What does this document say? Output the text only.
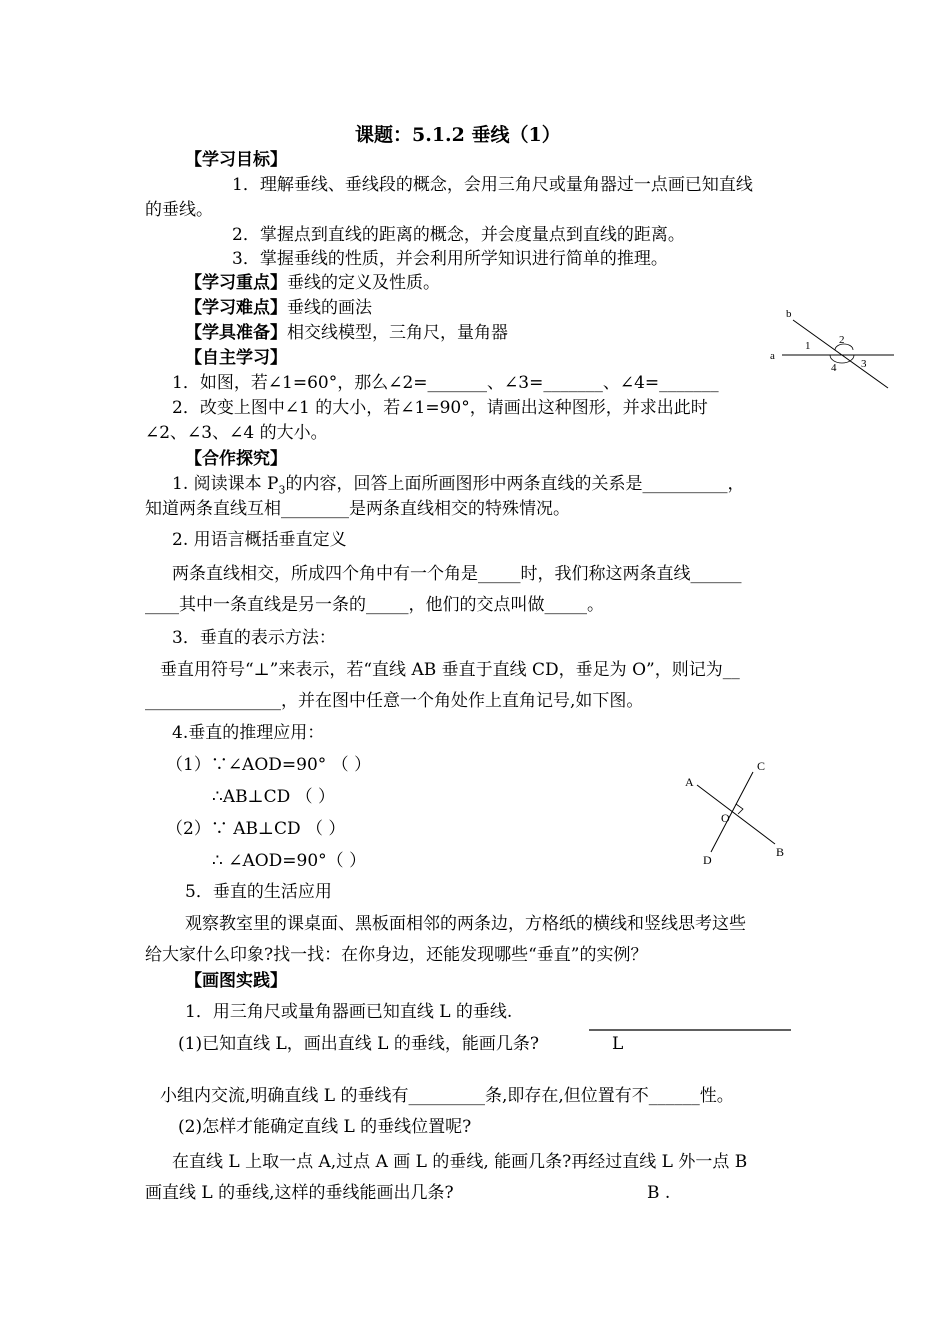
课题：5.1.2 垂线（1）
【学习目标】
1．理解垂线、垂线段的概念，会用三角尺或量角器过一点画已知直线
的垂线。
2．掌握点到直线的距离的概念，并会度量点到直线的距离。
3．掌握垂线的性质，并会利用所学知识进行简单的推理。
【学习重点】垂线的定义及性质。
【学习难点】垂线的画法
【学具准备】相交线模型，三角尺，量角器
【自主学习】
1．如图，若∠1=60°，那么∠2=_______、∠3=_______、∠4=_______
2．改变上图中∠1 的大小，若∠1=90°，请画出这种图形，并求出此时
∠2、∠3、∠4 的大小。
a
b
1	2
3
4
【合作探究】
1. 阅读课本 $P_3$的内容，回答上面所画图形中两条直线的关系是__________，
知道两条直线互相________是两条直线相交的特殊情况。
2. 用语言概括垂直定义
两条直线相交，所成四个角中有一个角是_____时，我们称这两条直线______
____其中一条直线是另一条的_____，他们的交点叫做_____。
3．垂直的表示方法：
垂直用符号“⊥”来表示，若“直线 AB 垂直于直线 CD，垂足为 O”，则记为__
________________，并在图中任意一个角处作上直角记号,如下图。
4.垂直的推理应用：
（1）∵∠AOD=90° （ ）
∴AB⊥CD （ ）
（2）∵ AB⊥CD （ ）
∴ ∠AOD=90°（ ）
A
C
O
B
D
5．垂直的生活应用
观察教室里的课桌面、黑板面相邻的两条边，方格纸的横线和竖线思考这些
给大家什么印象?找一找：在你身边，还能发现哪些“垂直”的实例？
【画图实践】
1．用三角尺或量角器画已知直线 L 的垂线.
(1)已知直线 L，画出直线 L 的垂线，能画几条?	L
小组内交流,明确直线 L 的垂线有_________条,即存在,但位置有不______性。
(2)怎样才能确定直线 L 的垂线位置呢?
在直线 L 上取一点 A,过点 A 画 L 的垂线, 能画几条?再经过直线 L 外一点 B
画直线 L 的垂线,这样的垂线能画出几条?	B .
